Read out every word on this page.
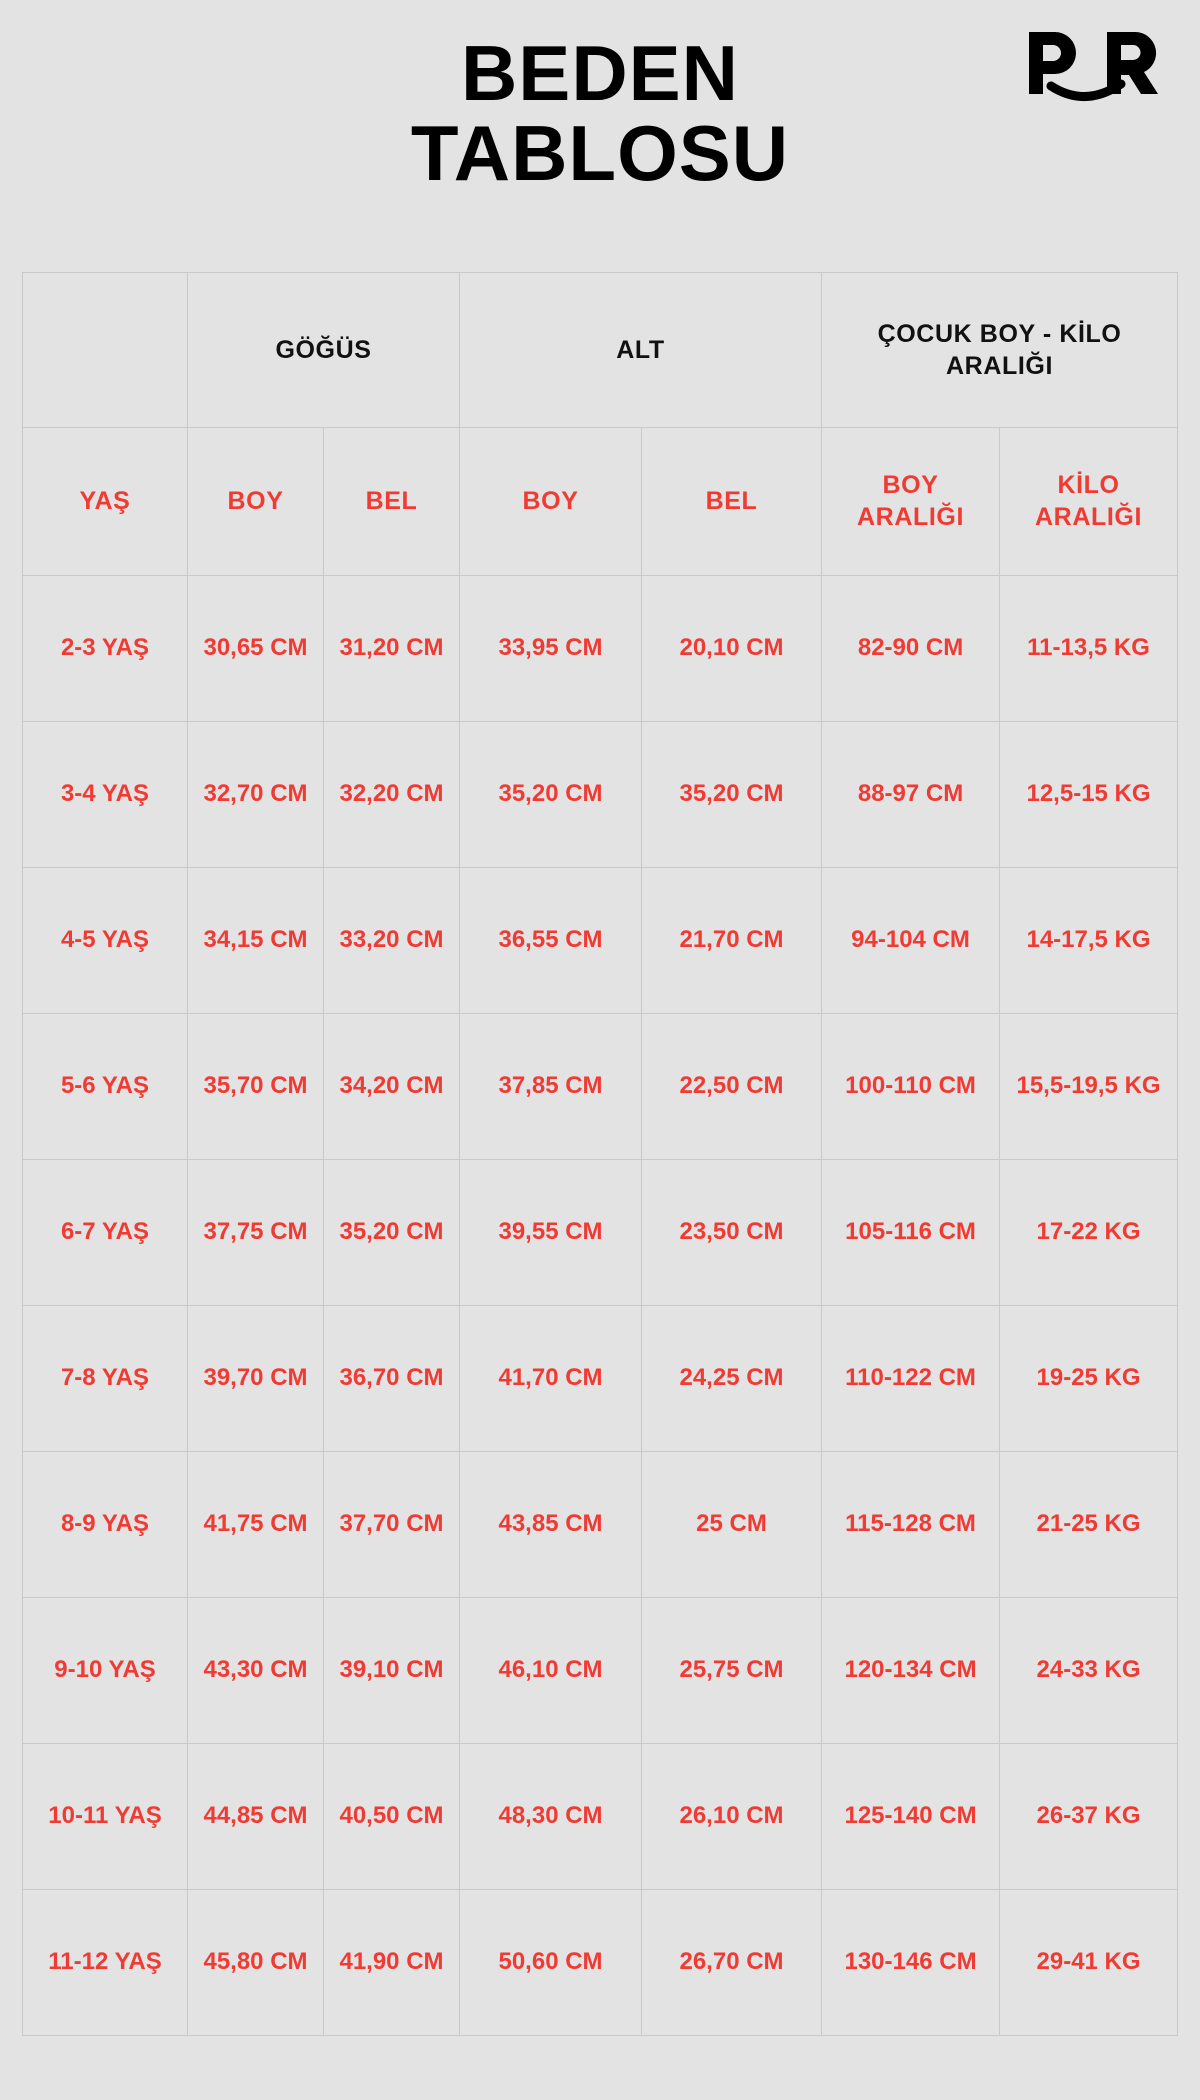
BEDEN
TABLOSU
	GÖĞÜS		ALT		ÇOCUK BOY - KİLO ARALIĞI	
YAŞ	BOY	BEL	BOY	BEL	BOY ARALIĞI	KİLO ARALIĞI
2-3 YAŞ	30,65 CM	31,20 CM	33,95 CM	20,10 CM	82-90 CM	11-13,5 KG
3-4 YAŞ	32,70 CM	32,20 CM	35,20 CM	35,20 CM	88-97 CM	12,5-15 KG
4-5 YAŞ	34,15 CM	33,20 CM	36,55 CM	21,70 CM	94-104 CM	14-17,5 KG
5-6 YAŞ	35,70 CM	34,20 CM	37,85 CM	22,50 CM	100-110 CM	15,5-19,5 KG
6-7 YAŞ	37,75 CM	35,20 CM	39,55 CM	23,50 CM	105-116 CM	17-22 KG
7-8 YAŞ	39,70 CM	36,70 CM	41,70 CM	24,25 CM	110-122 CM	19-25 KG
8-9 YAŞ	41,75 CM	37,70 CM	43,85 CM	25 CM	115-128 CM	21-25 KG
9-10 YAŞ	43,30 CM	39,10 CM	46,10 CM	25,75 CM	120-134 CM	24-33 KG
10-11 YAŞ	44,85 CM	40,50 CM	48,30 CM	26,10 CM	125-140 CM	26-37 KG
11-12 YAŞ	45,80 CM	41,90 CM	50,60 CM	26,70 CM	130-146 CM	29-41 KG
